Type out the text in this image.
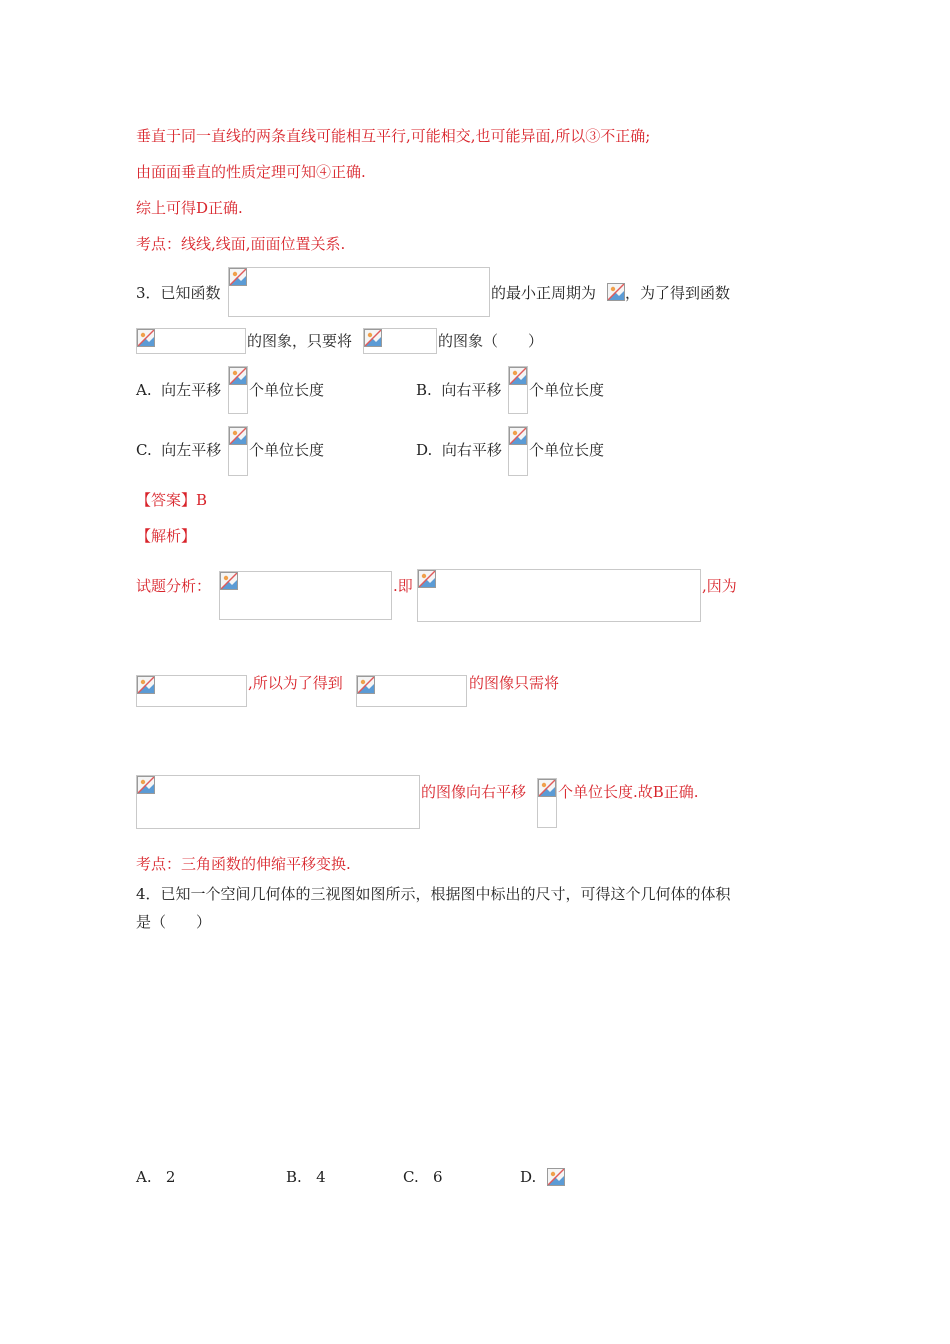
垂直于同一直线的两条直线可能相互平行,可能相交,也可能异面,所以③不正确;
由面面垂直的性质定理可知④正确.
综上可得D正确.
考点：线线,线面,面面位置关系.
3．已知函数	的最小正周期为 ，为了得到函数
的图象，只要将	的图象（　　）
A. 向左平移 个单位长度	B. 向右平移 个单位长度
C. 向左平移 个单位长度	D. 向右平移 个单位长度
【答案】B
【解析】
试题分析：	.即	,因为
,所以为了得到	的图像只需将
的图像向右平移 个单位长度.故B正确.
考点：三角函数的伸缩平移变换.
4．已知一个空间几何体的三视图如图所示，根据图中标出的尺寸，可得这个几何体的体积
是（　　）
A. 2	B. 4	C. 6	D.
